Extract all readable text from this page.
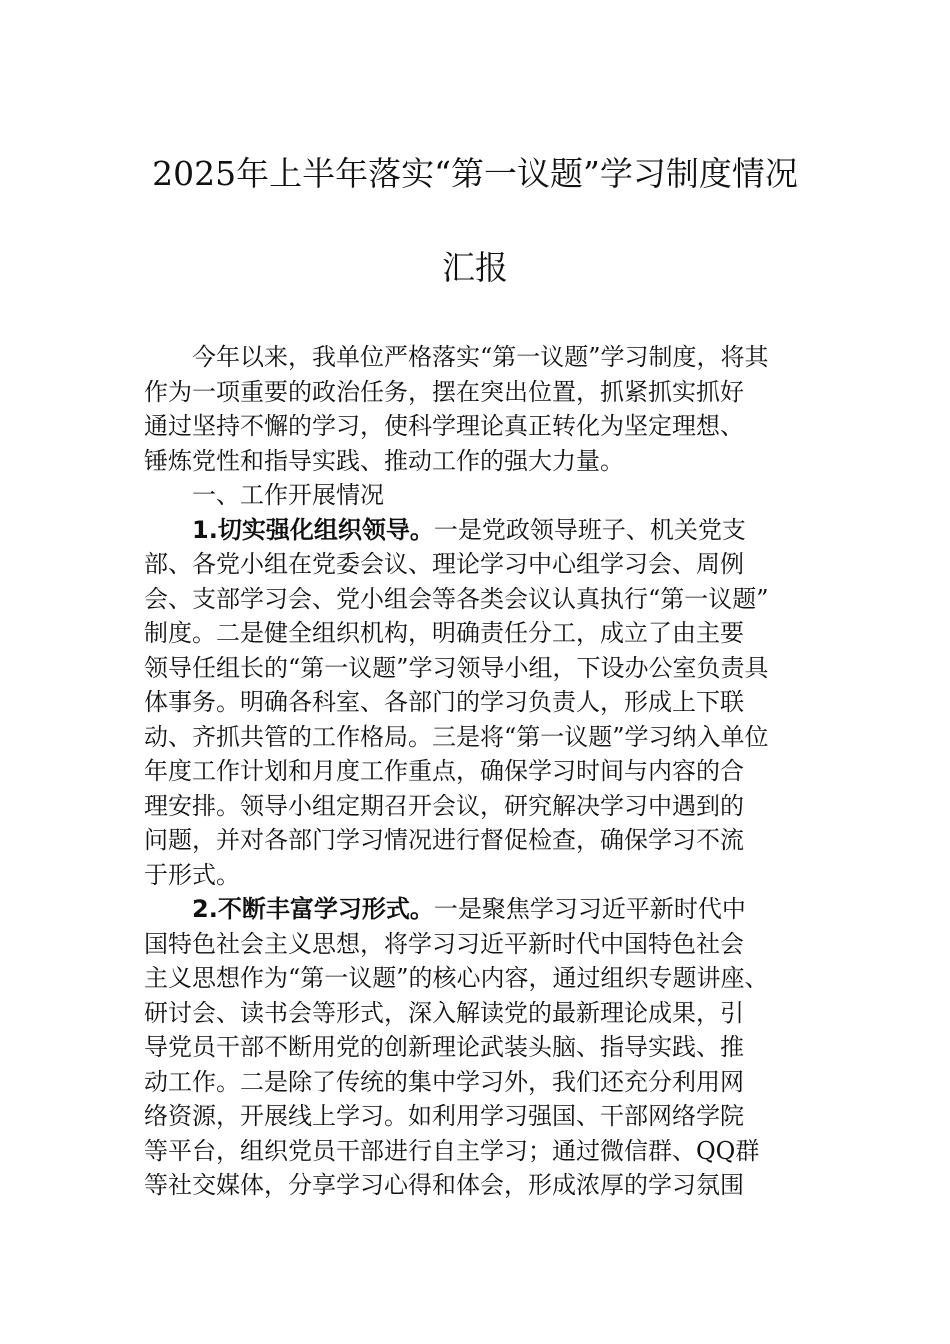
2025年上半年落实“第一议题”学习制度情况
汇报
今年以来，我单位严格落实“第一议题”学习制度，将其
作为一项重要的政治任务，摆在突出位置，抓紧抓实抓好
通过坚持不懈的学习，使科学理论真正转化为坚定理想、
锤炼党性和指导实践、推动工作的强大力量。
一、工作开展情况
1.切实强化组织领导。一是党政领导班子、机关党支
部、各党小组在党委会议、理论学习中心组学习会、周例
会、支部学习会、党小组会等各类会议认真执行“第一议题”
制度。二是健全组织机构，明确责任分工，成立了由主要
领导任组长的“第一议题”学习领导小组，下设办公室负责具
体事务。明确各科室、各部门的学习负责人，形成上下联
动、齐抓共管的工作格局。三是将“第一议题”学习纳入单位
年度工作计划和月度工作重点，确保学习时间与内容的合
理安排。领导小组定期召开会议，研究解决学习中遇到的
问题，并对各部门学习情况进行督促检查，确保学习不流
于形式。
2.不断丰富学习形式。一是聚焦学习习近平新时代中
国特色社会主义思想，将学习习近平新时代中国特色社会
主义思想作为“第一议题”的核心内容，通过组织专题讲座、
研讨会、读书会等形式，深入解读党的最新理论成果，引
导党员干部不断用党的创新理论武装头脑、指导实践、推
动工作。二是除了传统的集中学习外，我们还充分利用网
络资源，开展线上学习。如利用学习强国、干部网络学院
等平台，组织党员干部进行自主学习；通过微信群、QQ群
等社交媒体，分享学习心得和体会，形成浓厚的学习氛围
